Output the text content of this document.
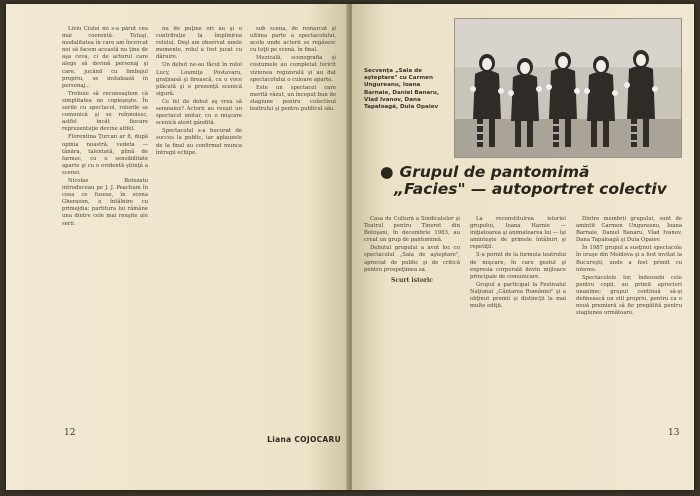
Liviu Ciulei mi s-a părut cea mai coerentă. Totuşi, modalitatea în care am încercat noi să facem această nu ţine de aşa ceva, ci de actorul care alege să devină personaj şi care, jucând cu limbajul propriu, se instalează în personaj...

Trebuie să recunoaştem că simplitatea ne copleşeşte. În serile cu spectacol, rolurile se comunică şi se reînnoiesc, astfel încât fiecare reprezentaţie devine altfel.

Florentina Ţurcan ar fi, după opinia noastră, vedeta — tânăra, talentată, plină de farmec, cu o sensibilitate aparte şi cu o evidentă ştiinţă a scenei.

Nicolae Botezatu introduceau pe J. J. Peachum în ceea ce fusese, în scena Gherasim, o întâlnire cu primejdia; partitura lui rămâne una dintre cele mai reuşite ale serii.

nu de puţine ori au şi o contribuţie la împlinirea rolului. Deşi am observat unele momente, rolul a fost jucat cu dăruire.

Un debut ne-au făcut în rolul Lucy, Loumiţa Postavaru, graţioasă şi firească, cu o voce plăcută şi o prezenţă scenică sigură.

Ce fel de debut aş vrea să semnalez? Actorii au reuşit un spectacol unitar, cu o mişcare scenică atent gândită.

Spectacolul s-a bucurat de succes la public, iar aplauzele de la final au confirmat munca întregii echipe.

sub scena, de remarcat şi ultima parte a spectacolului, acolo unde actorii se regăsesc cu toţii pe scenă, în final.

Muzicală, scenografia şi costumele au completat fericit viziunea regizorală şi au dat spectacolului o culoare aparte.

Este un spectacol care merită văzut, un început bun de stagiune pentru colectivul teatrului şi pentru publicul său.

Liana COJOCARU
12
Secvenţa „Sala de aşteptare" cu Carmen Ungureanu, Ioana Barnaie, Daniel Banaru, Vlad Ivanov, Dana Tapaloagă, Duia Opaiev
● Grupul de pantomimă
„Facies" — autoportret colectiv

Casa de Cultură a Sindicatelor şi Teatrul pentru Tineret din Botoşani, în decembrie 1983, au creat un grup de pantomimă.

Debutul grupului a avut loc cu spectacolul „Sala de aşteptare", apreciat de public şi de critică pentru prospeţimea sa.

Scurt istoric

La reconstituirea istoriei grupului, Ioana Harnie — iniţiatoarea şi animatoarea lui — îşi aminteşte de primele întâlniri şi repetiţii.

S-a pornit de la formula teatrului de mişcare, în care gestul şi expresia corporală devin mijloace principale de comunicare.

Grupul a participat la Festivalul Naţional „Cântarea României" şi a obţinut premii şi distincţii la mai multe ediţii.

Dintre membrii grupului, sunt de amintit Carmen Ungureanu, Ioana Barnaie, Daniel Banaru, Vlad Ivanov, Dana Tapaloagă şi Duia Opaiev.

În 1987 grupul a susţinut spectacole în oraşe din Moldova şi a fost invitat la Bucureşti, unde a fost primit cu interes.

Spectacolele lor, îndeosebi cele pentru copii, au primit aprecieri unanime; grupul continuă să-şi definească un stil propriu, pentru ca o nouă premieră să fie pregătită pentru stagiunea următoare.

13
